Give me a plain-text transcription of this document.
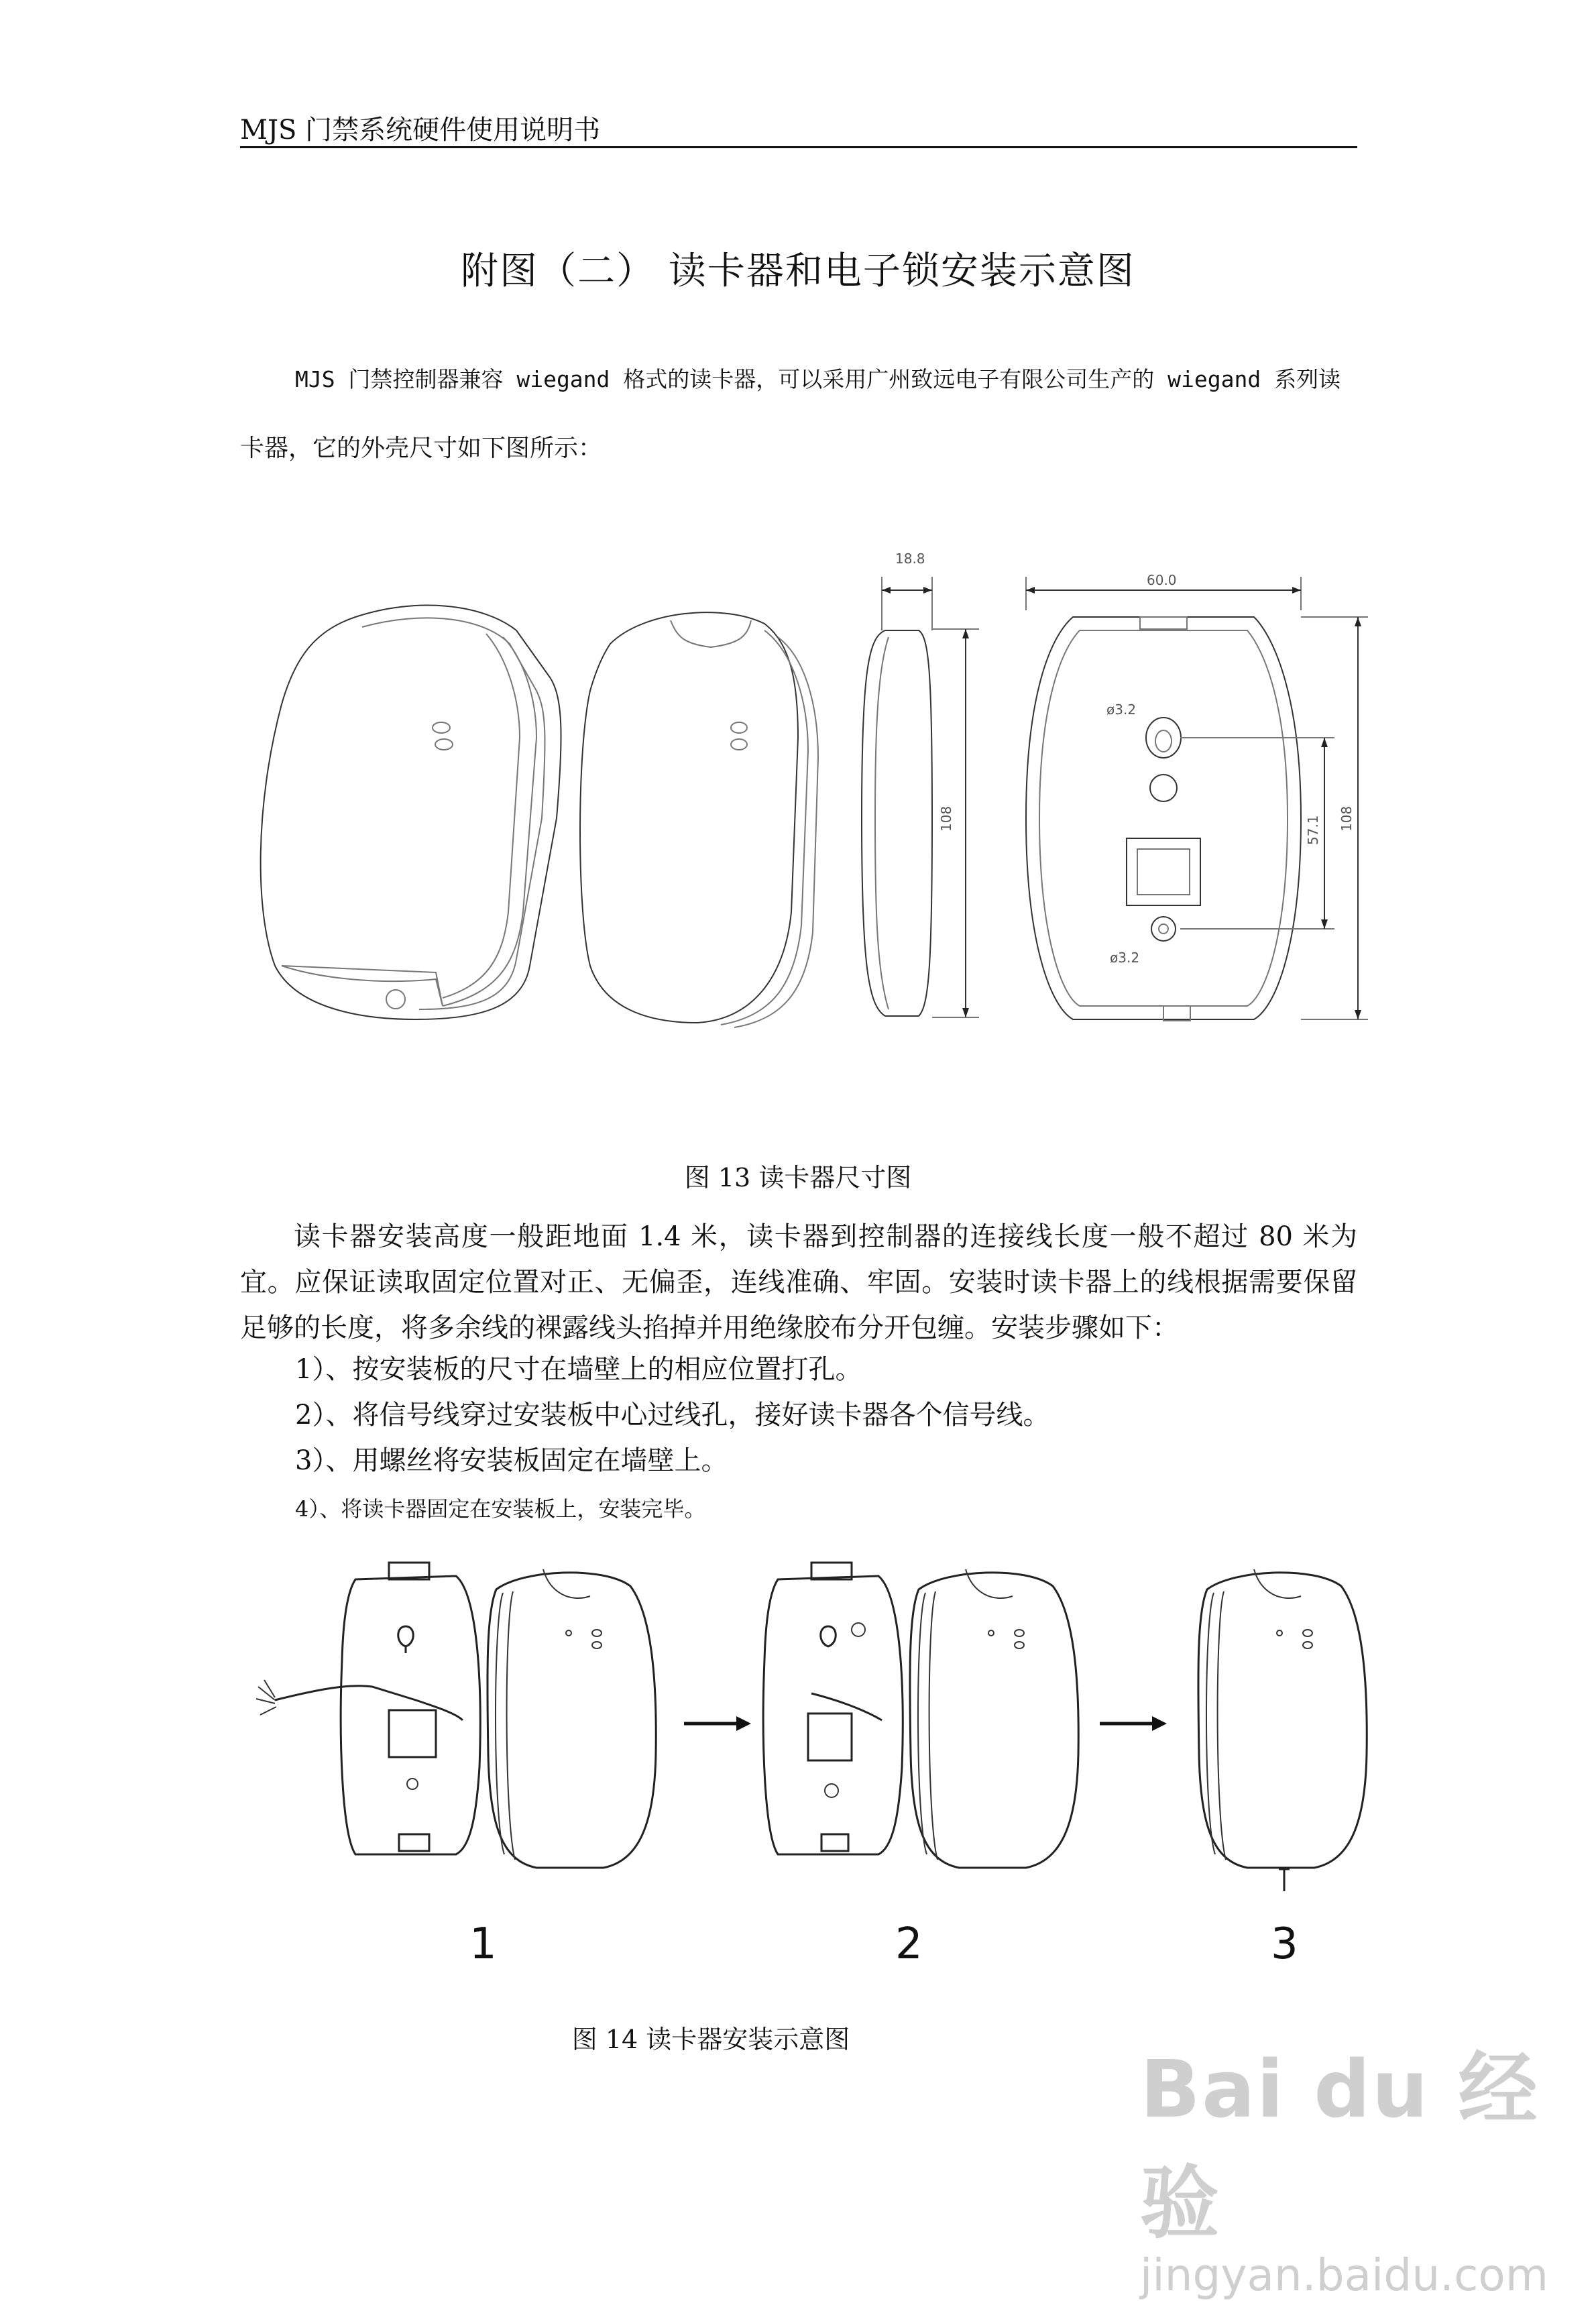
MJS 门禁系统硬件使用说明书
附图（二） 读卡器和电子锁安装示意图
MJS 门禁控制器兼容 wiegand 格式的读卡器，可以采用广州致远电子有限公司生产的 wiegand 系列读
卡器，它的外壳尺寸如下图所示：
18.8
108
ø3.2
ø3.2
60.0
57.1 108
图 13 读卡器尺寸图
读卡器安装高度一般距地面 1.4 米，读卡器到控制器的连接线长度一般不超过 80 米为宜。应保证读取固定位置对正、无偏歪，连线准确、牢固。安装时读卡器上的线根据需要保留足够的长度，将多余线的裸露线头掐掉并用绝缘胶布分开包缠。安装步骤如下：
1）、按安装板的尺寸在墙壁上的相应位置打孔。
2）、将信号线穿过安装板中心过线孔，接好读卡器各个信号线。
3）、用螺丝将安装板固定在墙壁上。
4）、将读卡器固定在安装板上，安装完毕。
1	2	3
图 14 读卡器安装示意图
Bai du 经验
jingyan.baidu.com
